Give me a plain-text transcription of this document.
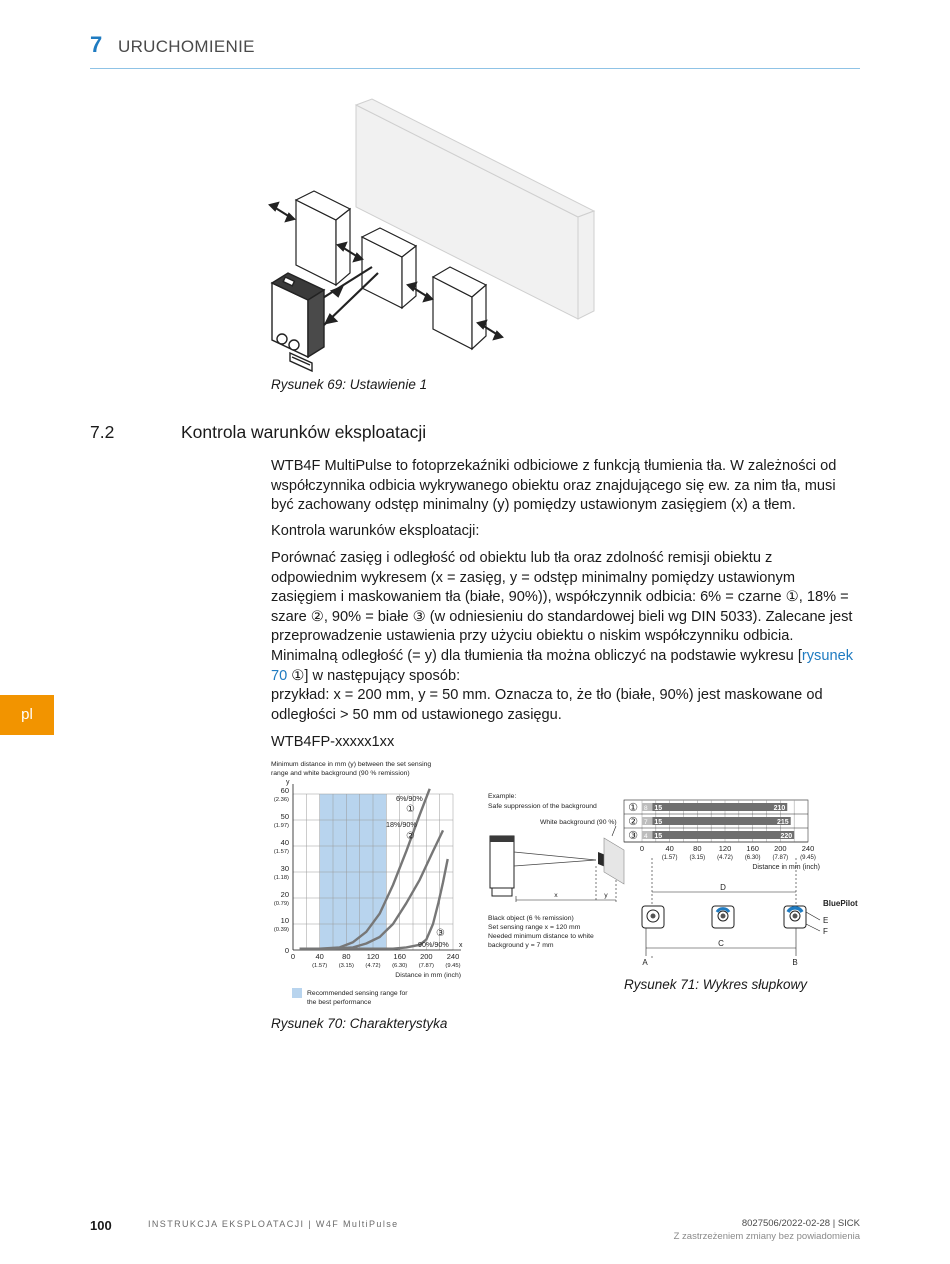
7 URUCHOMIENIE
Rysunek 69: Ustawienie 1
7.2	Kontrola warunków eksploatacji
WTB4F MultiPulse to fotoprzekaźniki odbiciowe z funkcją tłumienia tła. W zależności od współczynnika odbicia wykrywanego obiektu oraz znajdującego się ew. za nim tła, musi być zachowany odstęp minimalny (y) pomiędzy ustawionym zasięgiem (x) a tłem.
Kontrola warunków eksploatacji:
Porównać zasięg i odległość od obiektu lub tła oraz zdolność remisji obiektu z odpowiednim wykresem (x = zasięg, y = odstęp minimalny pomiędzy ustawionym zasięgiem i maskowaniem tła (białe, 90%)), współczynnik odbicia: 6% = czarne ①, 18% = szare ②, 90% = białe ③ (w odniesieniu do standardowej bieli wg DIN 5033). Zalecane jest przeprowadzenie ustawienia przy użyciu obiektu o niskim współczynniku odbicia. Minimalną odległość (= y) dla tłumienia tła można obliczyć na podstawie wykresu [rysunek 70 ①] w następujący sposób:
przykład: x = 200 mm, y = 50 mm. Oznacza to, że tło (białe, 90%) jest maskowane od odległości > 50 mm od ustawionego zasięgu.
WTB4FP-xxxxx1xx
pl
Minimum distance in mm (y) between the set sensing
range and white background (90 % remission)
y
x
0	40
(1.57)
80
(3.15)
120
(4.72)
160
(6.30)
200
(7.87)
240
(9.45)
Distance in mm (inch)
0
10
(0.39)
20
(0.79)
30
(1.18)
40
(1.57)
50
(1.97)
60
(2.36)	6%/90%
①
18%/90%
②
90%/90%
③
Recommended sensing range for
the best performance
Rysunek 70: Charakterystyka
Example:
Safe suppression of the background
White background (90 %)
x	y
Black object (6 % remission)
Set sensing range x = 120 mm
Needed minimum distance to white
background y = 7 mm
① 8 15	210
② 7 15	215
③ 4 15	220
0	40
(1.57)
80
(3.15)
120
(4.72)
160
(6.30)
200
(7.87)
240
(9.45)
Distance in mm (inch)
D
C
A	B
E
F
BluePilot
Rysunek 71: Wykres słupkowy
100	INSTRUKCJA EKSPLOATACJI | W4F MultiPulse	8027506/2022-02-28 | SICK
Z zastrzeżeniem zmiany bez powiadomienia
